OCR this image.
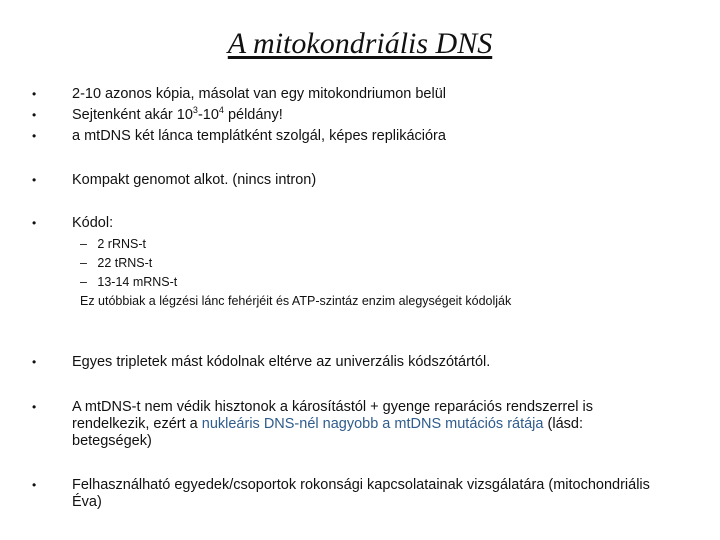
A mitokondriális DNS
•	2-10 azonos kópia, másolat van egy mitokondriumon belül
•	Sejtenként akár $10^3-10^4$ példány!
•	a mtDNS két lánca templátként szolgál, képes replikációra
•	Kompakt genomot alkot. (nincs intron)
•	Kódol:
– 2 rRNS-t
– 22 tRNS-t
– 13-14 mRNS-t
Ez utóbbiak a légzési lánc fehérjéit és ATP-szintáz enzim alegységeit kódolják
•	Egyes tripletek mást kódolnak eltérve az univerzális kódszótártól.
•	A mtDNS-t nem védik hisztonok a károsítástól + gyenge reparációs rendszerrel is rendelkezik, ezért a nukleáris DNS-nél nagyobb a mtDNS mutációs rátája (lásd: betegségek)
•	Felhasználható egyedek/csoportok rokonsági kapcsolatainak vizsgálatára (mitochondriális Éva)
